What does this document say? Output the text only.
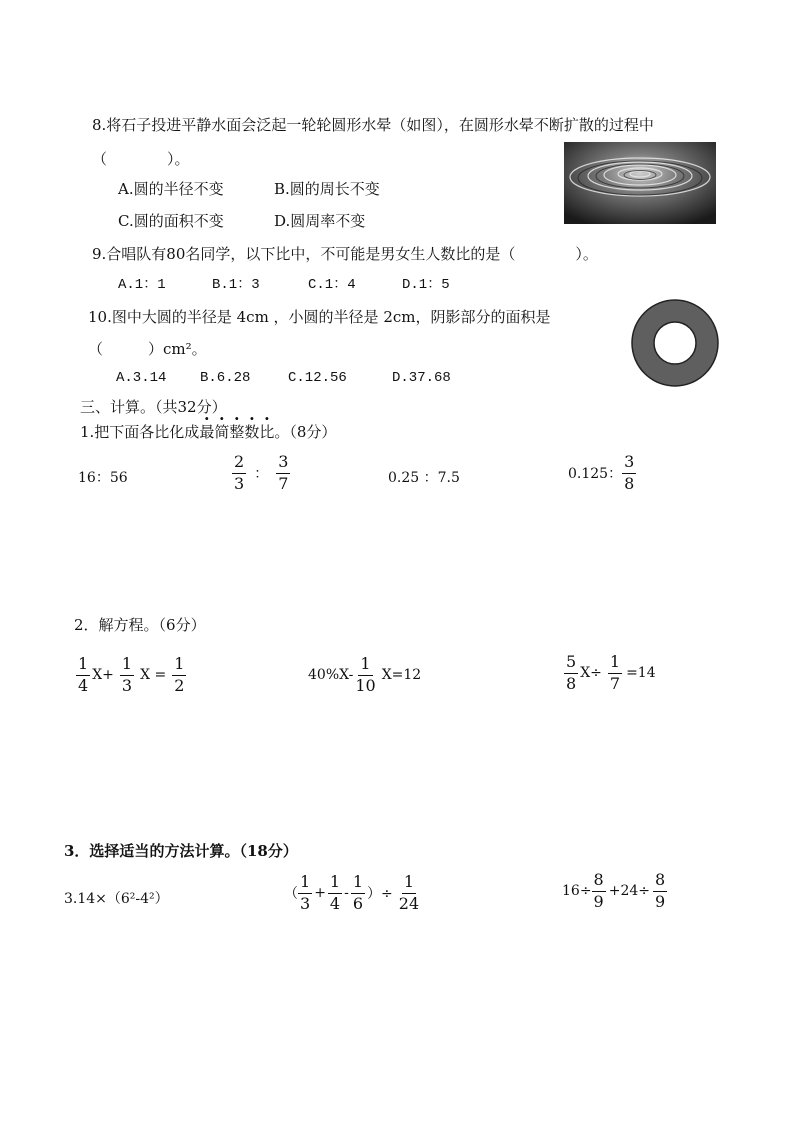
8.将石子投进平静水面会泛起一轮轮圆形水晕（如图），在圆形水晕不断扩散的过程中
（　　　　）。
A.圆的半径不变	B.圆的周长不变
C.圆的面积不变	D.圆周率不变
9.合唱队有80名同学，以下比中，不可能是男女生人数比的是（　　　　）。
A.1：1	B.1：3	C.1：4	D.1：5
10.图中大圆的半径是 4cm ，小圆的半径是 2cm，阴影部分的面积是
（　　　）cm²。
A.3.14 B.6.28	C.12.56	D.37.68
三、计算。（共32分）
1.把下面各比化成最简整数比。（8分）
16：56	$\frac{2}{3}$ ： $\frac{3}{7}$	0.25 ：7.5	0.125： $\frac{3}{8}$
2．解方程。（6分）
$\frac{1}{4} X+ \frac{1}{3}$ $X = \frac{1}{2}$	$40\%X- \frac{1}{10} X=12$	$\frac{5}{8} X\div \frac{1}{7} =14$
3．选择适当的方法计算。（18分）
3.14×（6²-4²）	（ $\frac{1}{3} + \frac{1}{4} - \frac{1}{6}$ ）÷ $\frac{1}{24}$	$16\div \frac{8}{9} +24\div \frac{8}{9}$
